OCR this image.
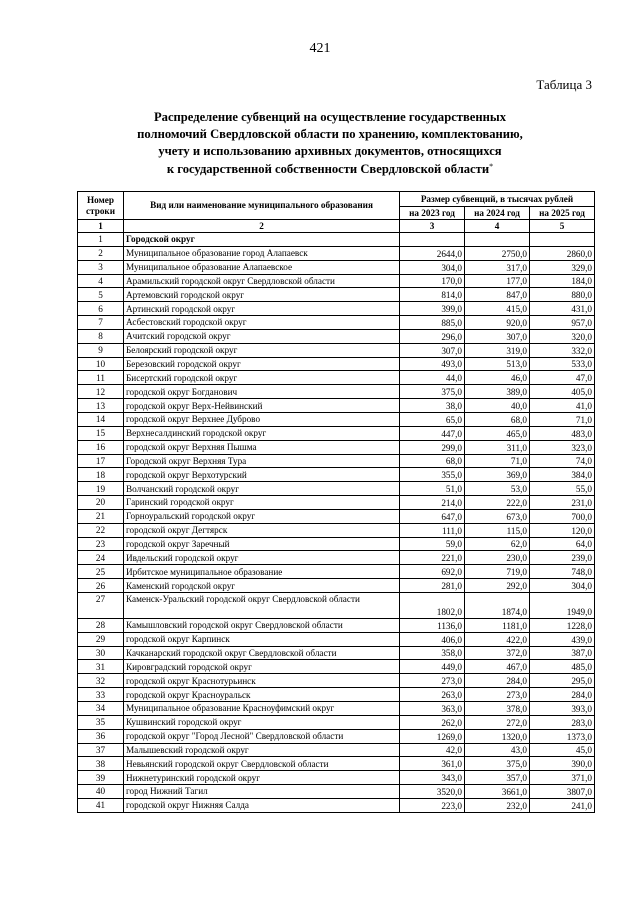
421
Таблица 3
Распределение субвенций на осуществление государственных
полномочий Свердловской области по хранению, комплектованию,
учету и использованию архивных документов, относящихся
к государственной собственности Свердловской области*
Номер строки	Вид или наименование муниципального образования	Размер субвенций, в тысячах рублей		
		на 2023 год	на 2024 год	на 2025 год
1	2	3	4	5
1	Городской округ			
2	Муниципальное образование город Алапаевск	2644,0	2750,0	2860,0
3	Муниципальное образование Алапаевское	304,0	317,0	329,0
4	Арамильский городской округ Свердловской области	170,0	177,0	184,0
5	Артемовский городской округ	814,0	847,0	880,0
6	Артинский городской округ	399,0	415,0	431,0
7	Асбестовский городской округ	885,0	920,0	957,0
8	Ачитский городской округ	296,0	307,0	320,0
9	Белоярский городской округ	307,0	319,0	332,0
10	Березовский городской округ	493,0	513,0	533,0
11	Бисертский городской округ	44,0	46,0	47,0
12	городской округ Богданович	375,0	389,0	405,0
13	городской округ Верх-Нейвинский	38,0	40,0	41,0
14	городской округ Верхнее Дуброво	65,0	68,0	71,0
15	Верхнесалдинский городской округ	447,0	465,0	483,0
16	городской округ Верхняя Пышма	299,0	311,0	323,0
17	Городской округ Верхняя Тура	68,0	71,0	74,0
18	городской округ Верхотурский	355,0	369,0	384,0
19	Волчанский городской округ	51,0	53,0	55,0
20	Гаринский городской округ	214,0	222,0	231,0
21	Горноуральский городской округ	647,0	673,0	700,0
22	городской округ Дегтярск	111,0	115,0	120,0
23	городской округ Заречный	59,0	62,0	64,0
24	Ивдельский городской округ	221,0	230,0	239,0
25	Ирбитское муниципальное образование	692,0	719,0	748,0
26	Каменский городской округ	281,0	292,0	304,0
27	Каменск-Уральский городской округ Свердловской области	1802,0	1874,0	1949,0
28	Камышловский городской округ Свердловской области	1136,0	1181,0	1228,0
29	городской округ Карпинск	406,0	422,0	439,0
30	Качканарский городской округ Свердловской области	358,0	372,0	387,0
31	Кировградский городской округ	449,0	467,0	485,0
32	городской округ Краснотурьинск	273,0	284,0	295,0
33	городской округ Красноуральск	263,0	273,0	284,0
34	Муниципальное образование Красноуфимский округ	363,0	378,0	393,0
35	Кушвинский городской округ	262,0	272,0	283,0
36	городской округ "Город Лесной" Свердловской области	1269,0	1320,0	1373,0
37	Малышевский городской округ	42,0	43,0	45,0
38	Невьянский городской округ Свердловской области	361,0	375,0	390,0
39	Нижнетуринский городской округ	343,0	357,0	371,0
40	город Нижний Тагил	3520,0	3661,0	3807,0
41	городской округ Нижняя Салда	223,0	232,0	241,0
